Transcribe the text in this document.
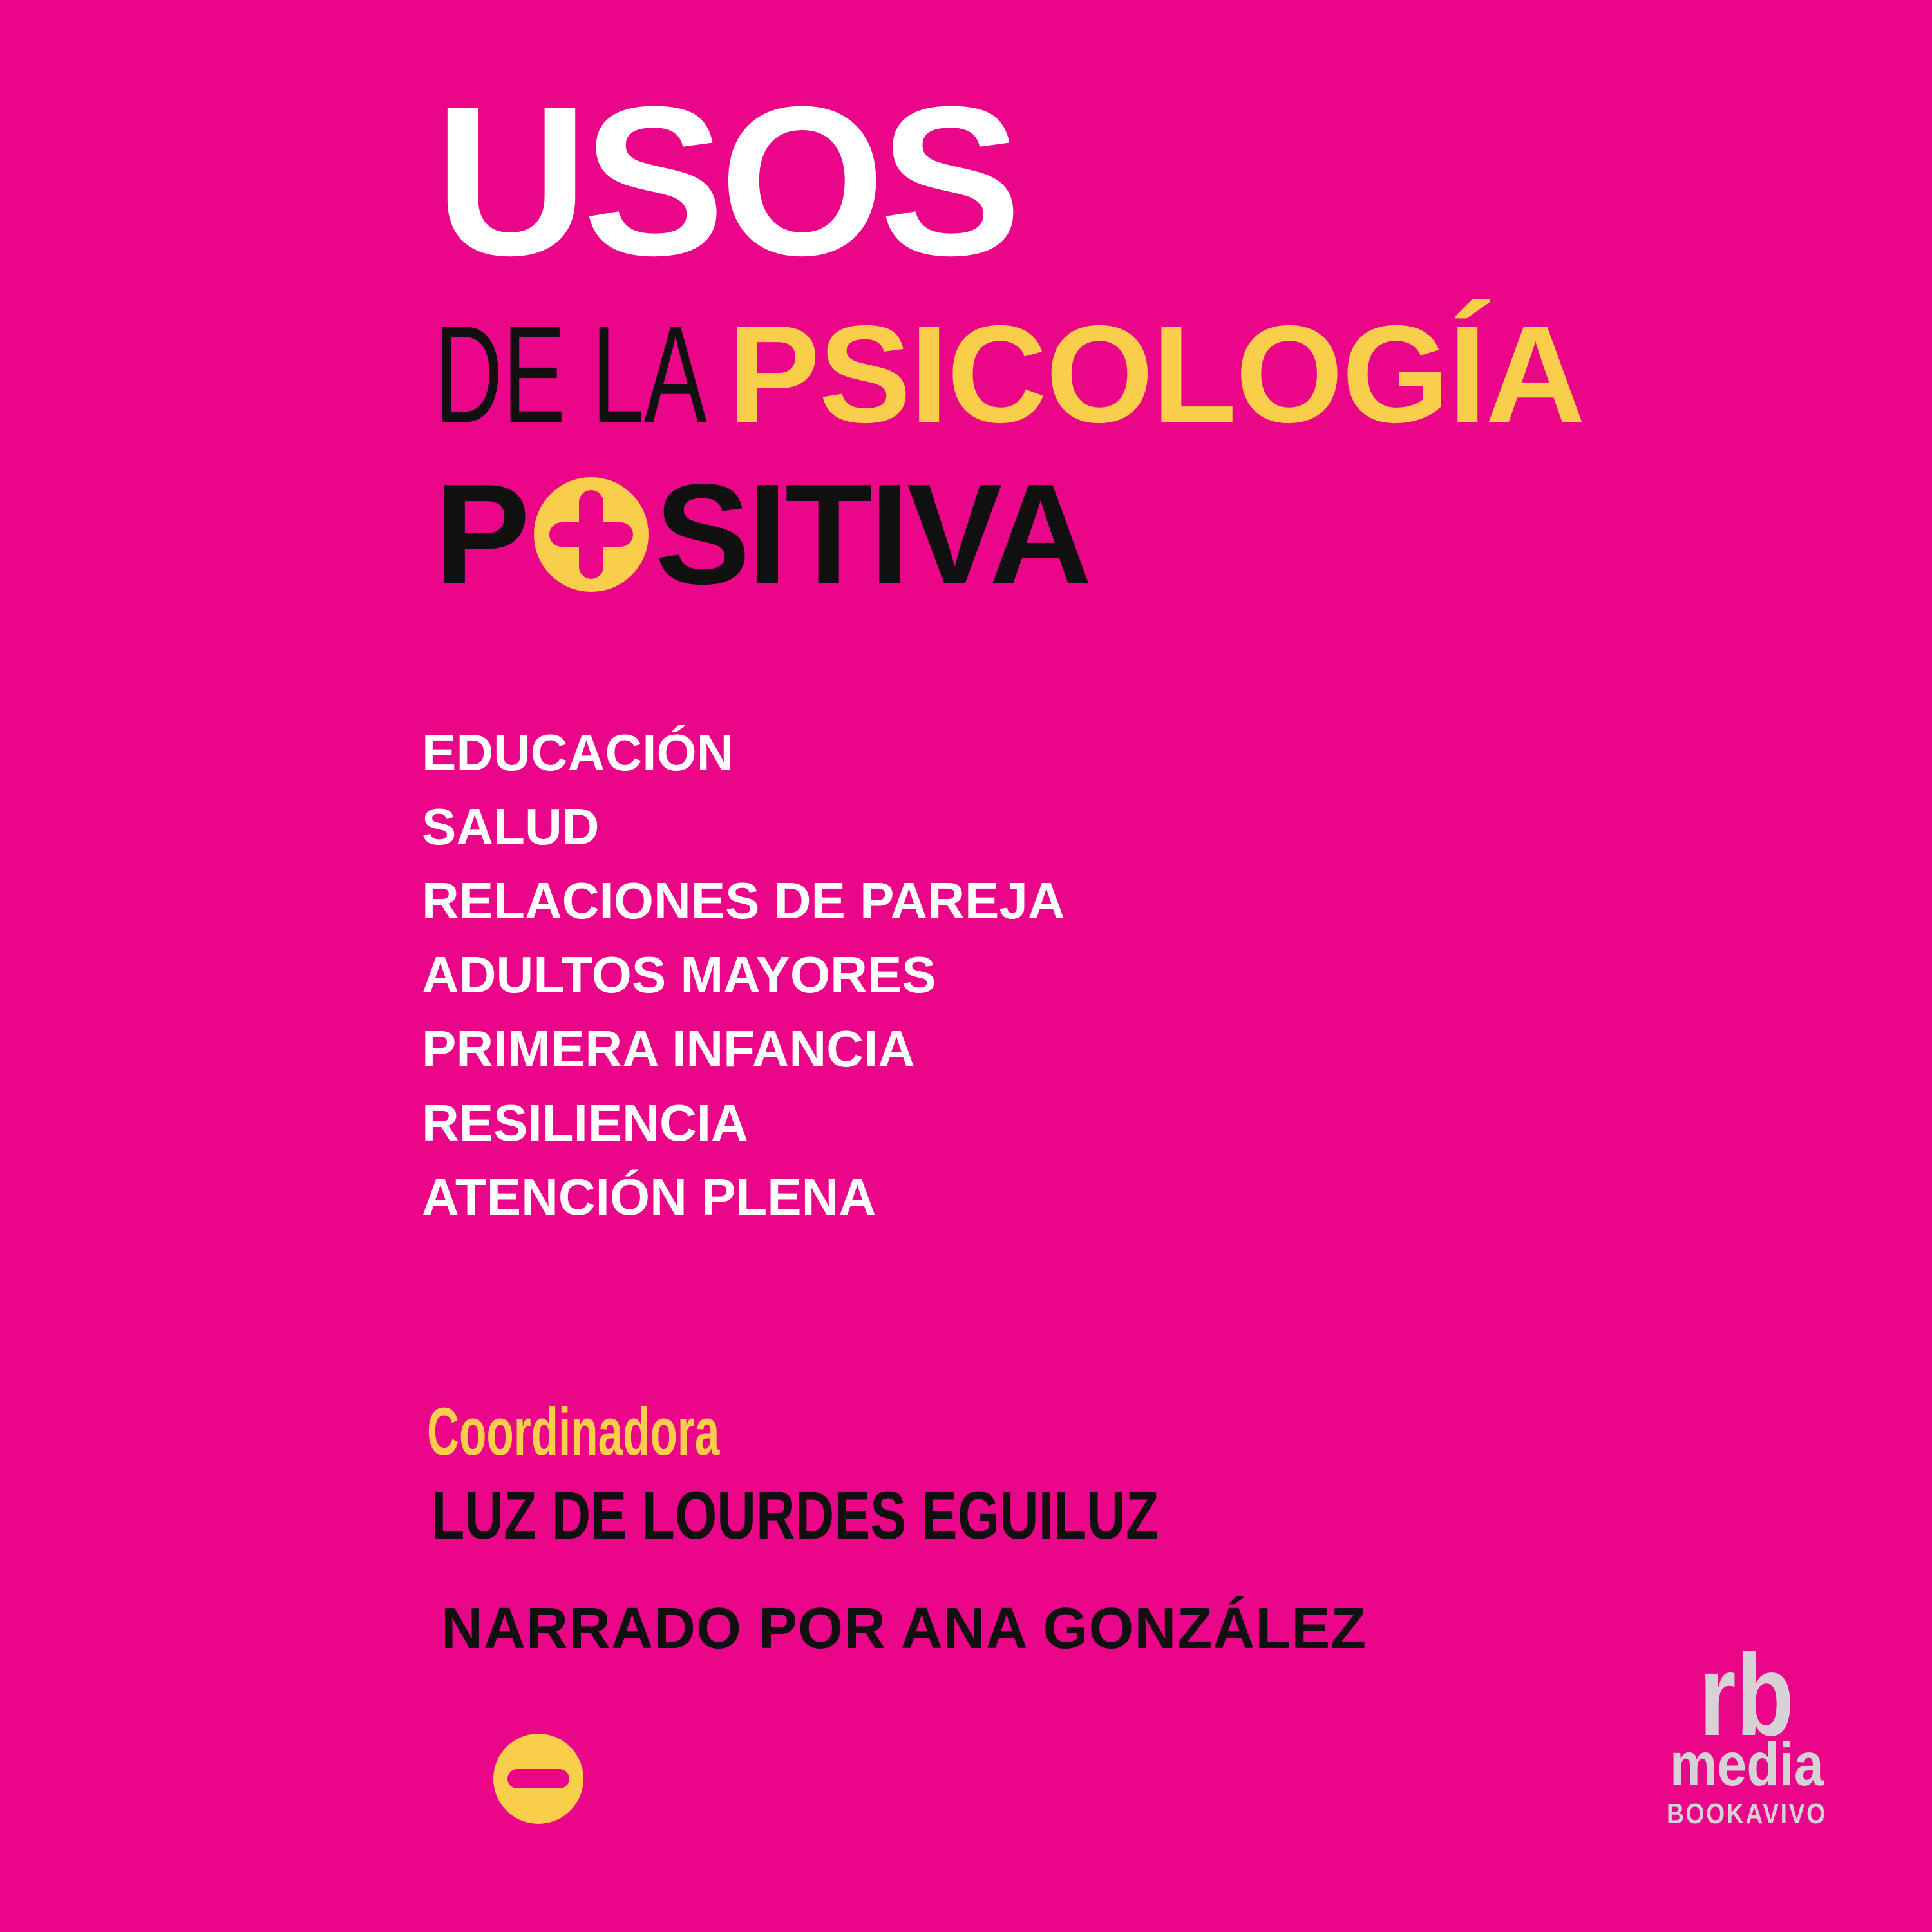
USOS
DE LA PSICOLOGÍA
P SITIVA
EDUCACIÓN
SALUD
RELACIONES DE PAREJA
ADULTOS MAYORES
PRIMERA INFANCIA
RESILIENCIA
ATENCIÓN PLENA
Coordinadora
LUZ DE LOURDES EGUILUZ
NARRADO POR ANA GONZÁLEZ
rb
media
BOOKAVIVO
